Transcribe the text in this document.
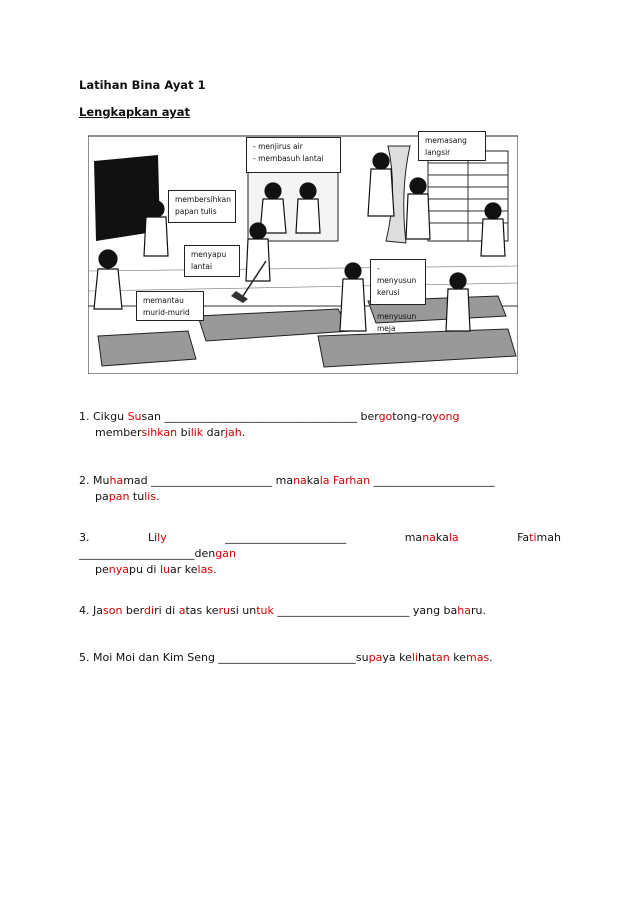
Latihan Bina Ayat 1
Lengkapkan ayat
- menjirus air
- membasuh lantai
memasang
langsir
membersihkan
papan tulis
menyapu
lantai	- menyusun
kerusi
- menyusun
meja
memantau
murid-murid
1. Cikgu Susan ___________________________________ bergotong-royong
membersihkan bilik darjah.
2. Muhamad ______________________ manakala Farhan ______________________
papan tulis.
3.	Lily	______________________	manakala	Fatimah
_____________________dengan
penyapu di luar kelas.
4. Jason berdiri di atas kerusi untuk ________________________ yang baharu.
5. Moi Moi dan Kim Seng _________________________supaya kelihatan kemas.
